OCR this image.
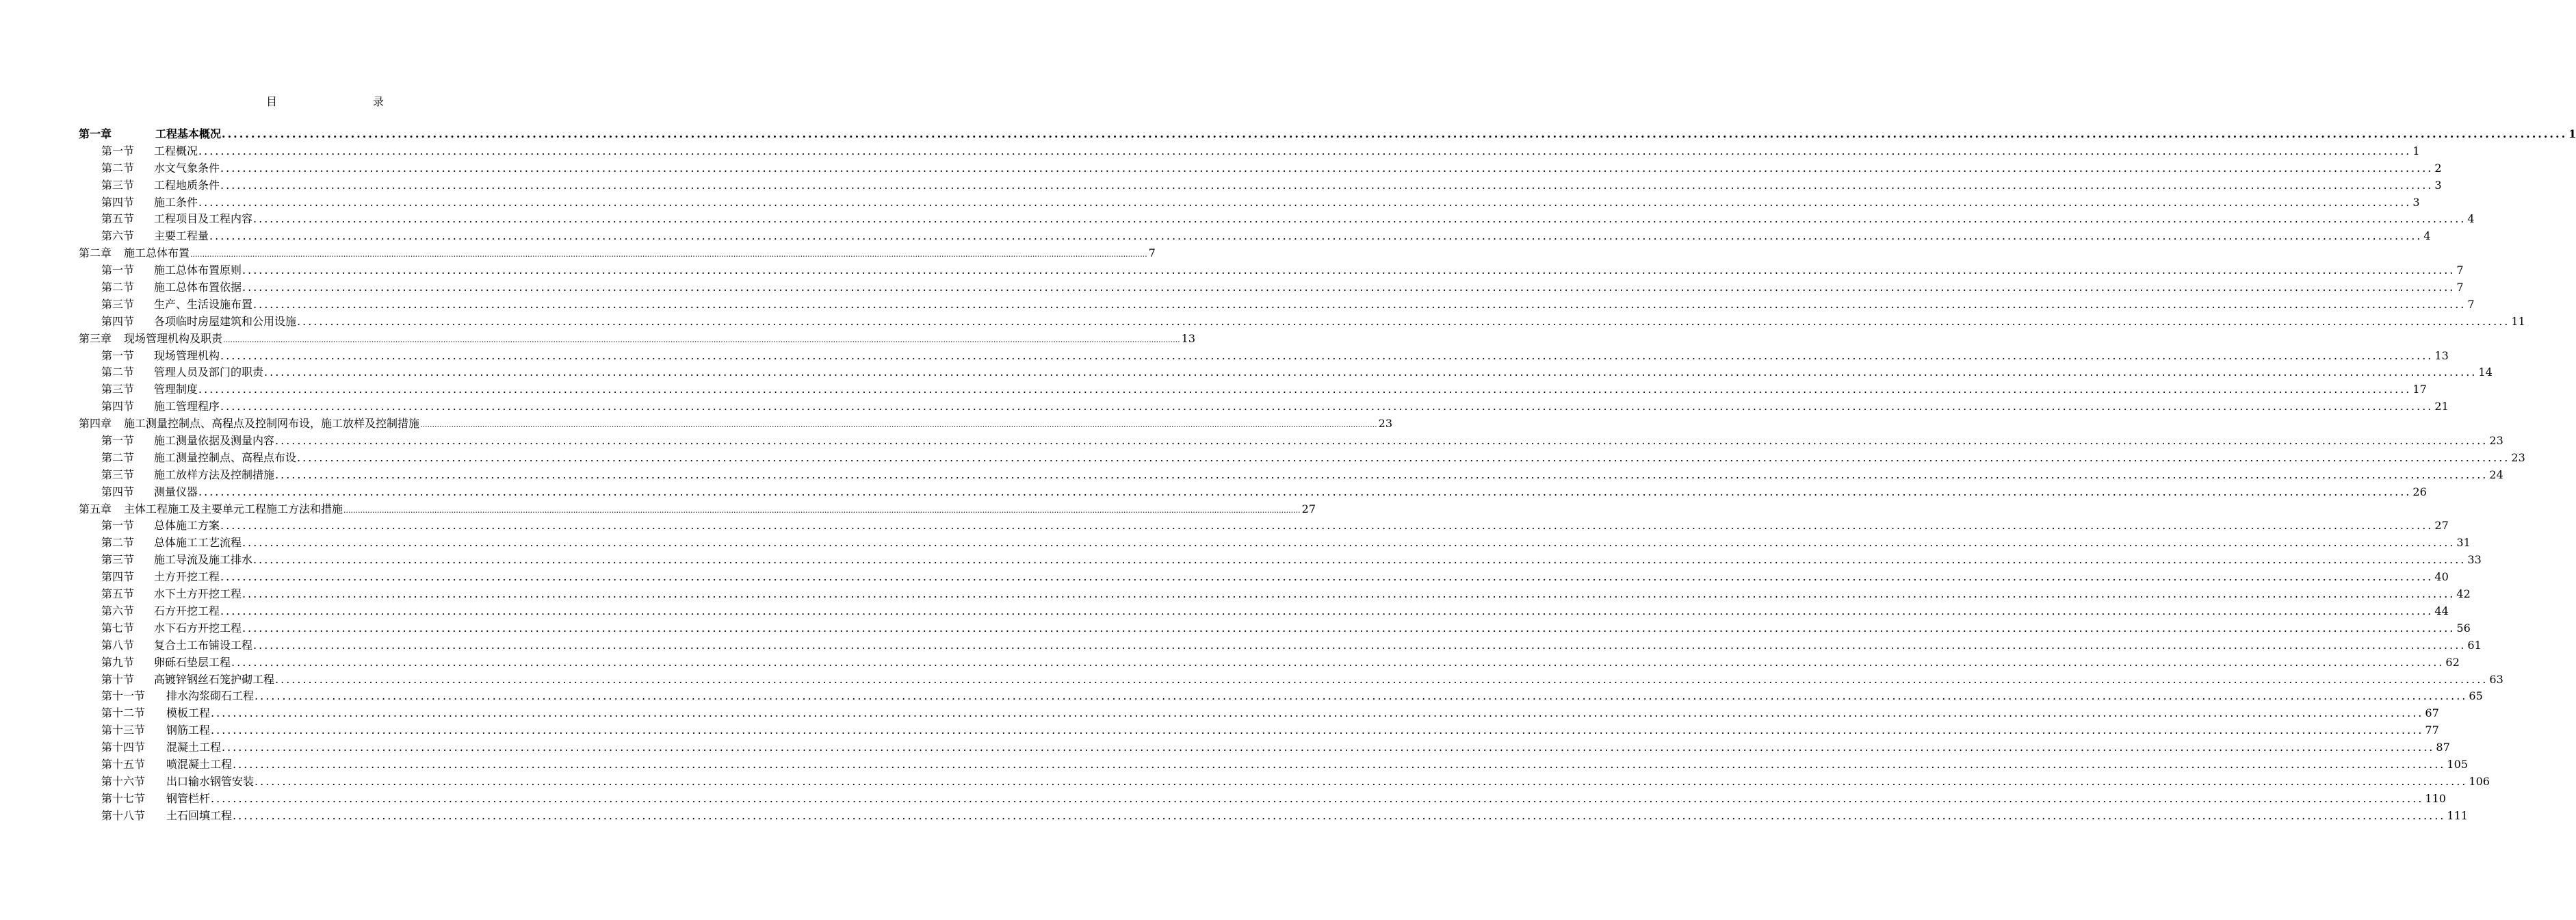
目　　录
第一章	工程基本概况 ................................................................................................................................................................................................................................................................................................................................................................................................................ 1
第一节	工程概况 ................................................................................................................................................................................................................................................................................................................................................................................................................ 1
第二节	水文气象条件 ................................................................................................................................................................................................................................................................................................................................................................................................................ 2
第三节	工程地质条件 ................................................................................................................................................................................................................................................................................................................................................................................................................ 3
第四节	施工条件 ................................................................................................................................................................................................................................................................................................................................................................................................................ 3
第五节	工程项目及工程内容 ................................................................................................................................................................................................................................................................................................................................................................................................................ 4
第六节	主要工程量 ................................................................................................................................................................................................................................................................................................................................................................................................................ 4
第二章	施工总体布置 ................................................................................................................................................................................................................................................................................................................................................................................................................ 7
第一节	施工总体布置原则 ................................................................................................................................................................................................................................................................................................................................................................................................................ 7
第二节	施工总体布置依据 ................................................................................................................................................................................................................................................................................................................................................................................................................ 7
第三节	生产、生活设施布置 ................................................................................................................................................................................................................................................................................................................................................................................................................ 7
第四节	各项临时房屋建筑和公用设施 ................................................................................................................................................................................................................................................................................................................................................................................................................ 11
第三章	现场管理机构及职责 ................................................................................................................................................................................................................................................................................................................................................................................................................ 13
第一节	现场管理机构 ................................................................................................................................................................................................................................................................................................................................................................................................................ 13
第二节	管理人员及部门的职责 ................................................................................................................................................................................................................................................................................................................................................................................................................ 14
第三节	管理制度 ................................................................................................................................................................................................................................................................................................................................................................................................................ 17
第四节	施工管理程序 ................................................................................................................................................................................................................................................................................................................................................................................................................ 21
第四章	施工测量控制点、高程点及控制网布设，施工放样及控制措施 ................................................................................................................................................................................................................................................................................................................................................................................................................ 23
第一节	施工测量依据及测量内容 ................................................................................................................................................................................................................................................................................................................................................................................................................ 23
第二节	施工测量控制点、高程点布设 ................................................................................................................................................................................................................................................................................................................................................................................................................ 23
第三节	施工放样方法及控制措施 ................................................................................................................................................................................................................................................................................................................................................................................................................ 24
第四节	测量仪器 ................................................................................................................................................................................................................................................................................................................................................................................................................ 26
第五章	主体工程施工及主要单元工程施工方法和措施 ................................................................................................................................................................................................................................................................................................................................................................................................................ 27
第一节	总体施工方案 ................................................................................................................................................................................................................................................................................................................................................................................................................ 27
第二节	总体施工工艺流程 ................................................................................................................................................................................................................................................................................................................................................................................................................ 31
第三节	施工导流及施工排水 ................................................................................................................................................................................................................................................................................................................................................................................................................ 33
第四节	土方开挖工程 ................................................................................................................................................................................................................................................................................................................................................................................................................ 40
第五节	水下土方开挖工程 ................................................................................................................................................................................................................................................................................................................................................................................................................ 42
第六节	石方开挖工程 ................................................................................................................................................................................................................................................................................................................................................................................................................ 44
第七节	水下石方开挖工程 ................................................................................................................................................................................................................................................................................................................................................................................................................ 56
第八节	复合土工布铺设工程 ................................................................................................................................................................................................................................................................................................................................................................................................................ 61
第九节	卵砾石垫层工程 ................................................................................................................................................................................................................................................................................................................................................................................................................ 62
第十节	高镀锌钢丝石笼护砌工程 ................................................................................................................................................................................................................................................................................................................................................................................................................ 63
第十一节	排水沟浆砌石工程 ................................................................................................................................................................................................................................................................................................................................................................................................................ 65
第十二节	模板工程 ................................................................................................................................................................................................................................................................................................................................................................................................................ 67
第十三节	钢筋工程 ................................................................................................................................................................................................................................................................................................................................................................................................................ 77
第十四节	混凝土工程 ................................................................................................................................................................................................................................................................................................................................................................................................................ 87
第十五节	喷混凝土工程 ................................................................................................................................................................................................................................................................................................................................................................................................................ 105
第十六节	出口输水钢管安装 ................................................................................................................................................................................................................................................................................................................................................................................................................ 106
第十七节	钢管栏杆 ................................................................................................................................................................................................................................................................................................................................................................................................................ 110
第十八节	土石回填工程 ................................................................................................................................................................................................................................................................................................................................................................................................................ 111
